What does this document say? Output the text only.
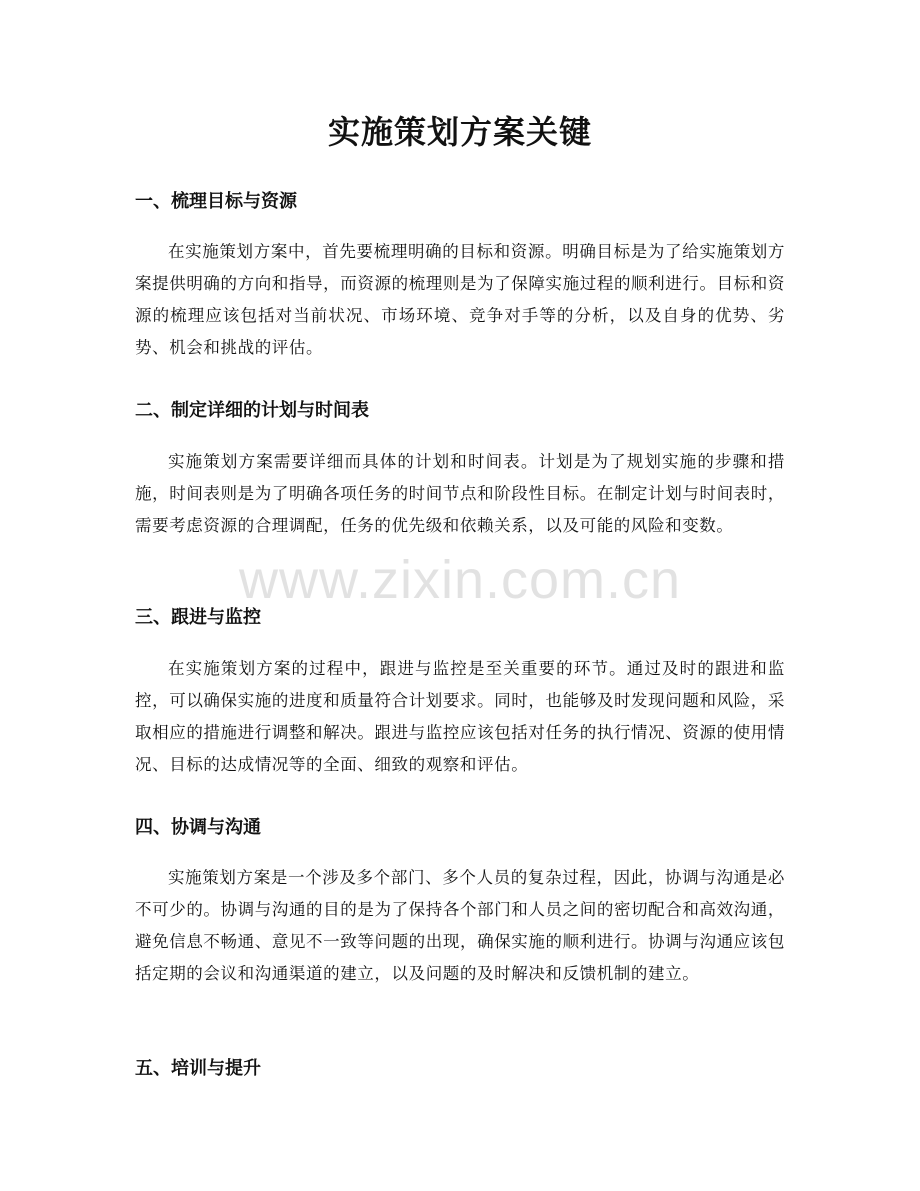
实施策划方案关键
一、梳理目标与资源

在实施策划方案中，首先要梳理明确的目标和资源。明确目标是为了给实施策划方案提供明确的方向和指导，而资源的梳理则是为了保障实施过程的顺利进行。目标和资源的梳理应该包括对当前状况、市场环境、竞争对手等的分析，以及自身的优势、劣势、机会和挑战的评估。

二、制定详细的计划与时间表

实施策划方案需要详细而具体的计划和时间表。计划是为了规划实施的步骤和措施，时间表则是为了明确各项任务的时间节点和阶段性目标。在制定计划与时间表时，需要考虑资源的合理调配，任务的优先级和依赖关系，以及可能的风险和变数。

三、跟进与监控

在实施策划方案的过程中，跟进与监控是至关重要的环节。通过及时的跟进和监控，可以确保实施的进度和质量符合计划要求。同时，也能够及时发现问题和风险，采取相应的措施进行调整和解决。跟进与监控应该包括对任务的执行情况、资源的使用情况、目标的达成情况等的全面、细致的观察和评估。

四、协调与沟通

实施策划方案是一个涉及多个部门、多个人员的复杂过程，因此，协调与沟通是必不可少的。协调与沟通的目的是为了保持各个部门和人员之间的密切配合和高效沟通，避免信息不畅通、意见不一致等问题的出现，确保实施的顺利进行。协调与沟通应该包括定期的会议和沟通渠道的建立，以及问题的及时解决和反馈机制的建立。

五、培训与提升
www.zixin.com.cn
